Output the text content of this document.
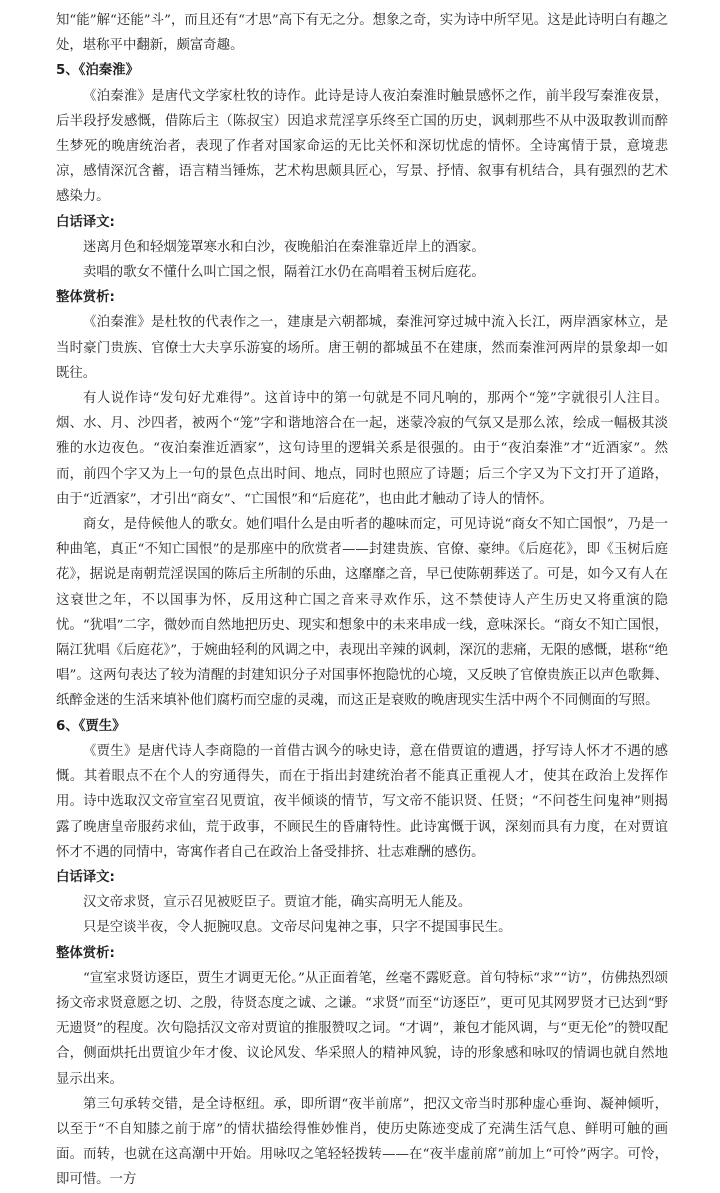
知“能”解“还能”斗”，而且还有“才思”高下有无之分。想象之奇，实为诗中所罕见。这是此诗明白有趣之处，堪称平中翻新，颇富奇趣。

5、《泊秦淮》

《泊秦淮》是唐代文学家杜牧的诗作。此诗是诗人夜泊秦淮时触景感怀之作，前半段写秦淮夜景，后半段抒发感慨，借陈后主（陈叔宝）因追求荒淫享乐终至亡国的历史，讽刺那些不从中汲取教训而醉生梦死的晚唐统治者，表现了作者对国家命运的无比关怀和深切忧虑的情怀。全诗寓情于景，意境悲凉，感情深沉含蓄，语言精当锤炼，艺术构思颇具匠心，写景、抒情、叙事有机结合，具有强烈的艺术感染力。

白话译文:

迷离月色和轻烟笼罩寒水和白沙，夜晚船泊在秦淮靠近岸上的酒家。

卖唱的歌女不懂什么叫亡国之恨，隔着江水仍在高唱着玉树后庭花。

整体赏析:

《泊秦淮》是杜牧的代表作之一，建康是六朝都城，秦淮河穿过城中流入长江，两岸酒家林立，是当时豪门贵族、官僚士大夫享乐游宴的场所。唐王朝的都城虽不在建康，然而秦淮河两岸的景象却一如既往。

有人说作诗“发句好尤难得”。这首诗中的第一句就是不同凡响的，那两个“笼”字就很引人注目。烟、水、月、沙四者，被两个“笼”字和谐地溶合在一起，迷蒙冷寂的气氛又是那么浓，绘成一幅极其淡雅的水边夜色。“夜泊秦淮近酒家”，这句诗里的逻辑关系是很强的。由于“夜泊秦淮”才“近酒家”。然而，前四个字又为上一句的景色点出时间、地点，同时也照应了诗题；后三个字又为下文打开了道路，由于“近酒家”，才引出“商女”、“亡国恨”和“后庭花”，也由此才触动了诗人的情怀。

商女，是侍候他人的歌女。她们唱什么是由听者的趣味而定，可见诗说“商女不知亡国恨”，乃是一种曲笔，真正“不知亡国恨”的是那座中的欣赏者——封建贵族、官僚、豪绅。《后庭花》，即《玉树后庭花》，据说是南朝荒淫误国的陈后主所制的乐曲，这靡靡之音，早已使陈朝葬送了。可是，如今又有人在这衰世之年，不以国事为怀，反用这种亡国之音来寻欢作乐，这不禁使诗人产生历史又将重演的隐忧。“犹唱”二字，微妙而自然地把历史、现实和想象中的未来串成一线，意味深长。“商女不知亡国恨，隔江犹唱《后庭花》”，于婉曲轻利的风调之中，表现出辛辣的讽刺，深沉的悲痛，无限的感慨，堪称“绝唱”。这两句表达了较为清醒的封建知识分子对国事怀抱隐忧的心境，又反映了官僚贵族正以声色歌舞、纸醉金迷的生活来填补他们腐朽而空虚的灵魂，而这正是衰败的晚唐现实生活中两个不同侧面的写照。

6、《贾生》

《贾生》是唐代诗人李商隐的一首借古讽今的咏史诗，意在借贾谊的遭遇，抒写诗人怀才不遇的感慨。其着眼点不在个人的穷通得失，而在于指出封建统治者不能真正重视人才，使其在政治上发挥作用。诗中选取汉文帝宣室召见贾谊，夜半倾谈的情节，写文帝不能识贤、任贤；“不问苍生问鬼神”则揭露了晚唐皇帝服药求仙，荒于政事，不顾民生的昏庸特性。此诗寓慨于讽，深刻而具有力度，在对贾谊怀才不遇的同情中，寄寓作者自己在政治上备受排挤、壮志难酬的感伤。

白话译文:

汉文帝求贤，宣示召见被贬臣子。贾谊才能，确实高明无人能及。

只是空谈半夜，令人扼腕叹息。文帝尽问鬼神之事，只字不提国事民生。

整体赏析:

“宣室求贤访逐臣，贾生才调更无伦。”从正面着笔，丝毫不露贬意。首句特标“求”“访”，仿佛热烈颂扬文帝求贤意愿之切、之殷，待贤态度之诚、之谦。“求贤”而至“访逐臣”，更可见其网罗贤才已达到“野无遗贤”的程度。次句隐括汉文帝对贾谊的推服赞叹之词。“才调”，兼包才能风调，与“更无伦”的赞叹配合，侧面烘托出贾谊少年才俊、议论风发、华采照人的精神风貌，诗的形象感和咏叹的情调也就自然地显示出来。

第三句承转交错，是全诗枢纽。承，即所谓“夜半前席”，把汉文帝当时那种虚心垂询、凝神倾听，以至于“不自知膝之前于席”的情状描绘得惟妙惟肖，使历史陈迹变成了充满生活气息、鲜明可触的画面。而转，也就在这高潮中开始。用咏叹之笔轻轻拨转——在“夜半虚前席”前加上“可怜”两字。可怜，即可惜。一方
